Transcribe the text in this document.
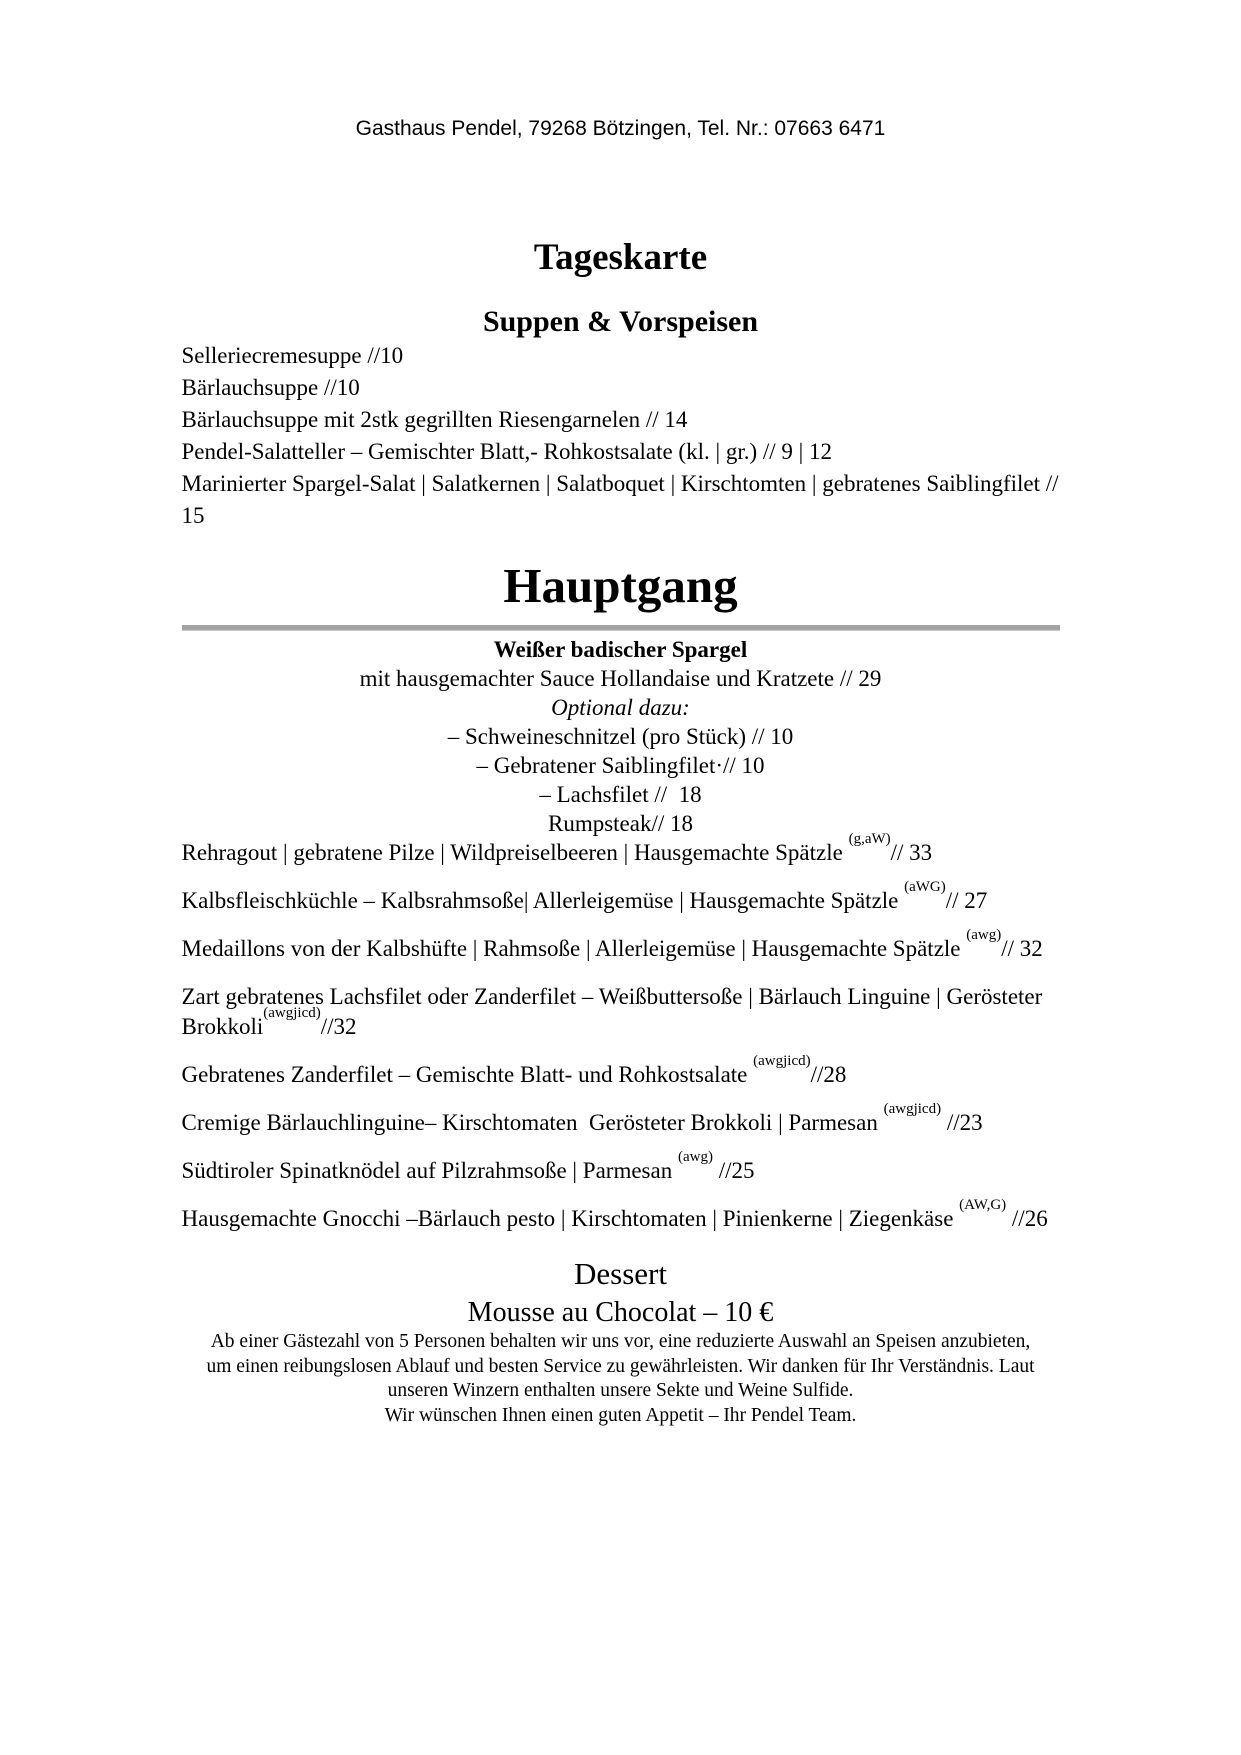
Gasthaus Pendel, 79268 Bötzingen, Tel. Nr.: 07663 6471

Tageskarte
Suppen & Vorspeisen

Selleriecremesuppe //10

Bärlauchsuppe //10

Bärlauchsuppe mit 2stk gegrillten Riesengarnelen // 14

Pendel-Salatteller – Gemischter Blatt,- Rohkostsalate (kl. | gr.) // 9 | 12

Marinierter Spargel-Salat | Salatkernen | Salatboquet | Kirschtomten | gebratenes Saiblingfilet // 15

Hauptgang

Weißer badischer Spargel

mit hausgemachter Sauce Hollandaise und Kratzete // 29

Optional dazu:

– Schweineschnitzel (pro Stück) // 10

– Gebratener Saiblingfilet·// 10

– Lachsfilet //  18

Rumpsteak// 18

Rehragout | gebratene Pilze | Wildpreiselbeeren | Hausgemachte Spätzle $^{(g,aW)}$// 33

Kalbsfleischküchle – Kalbsrahmsoße| Allerleigemüse | Hausgemachte Spätzle $^{(aWG)}$// 27

Medaillons von der Kalbshüfte | Rahmsoße | Allerleigemüse | Hausgemachte Spätzle $^{(awg)}$// 32

Zart gebratenes Lachsfilet oder Zanderfilet – Weißbuttersoße | Bärlauch Linguine | Gerösteter Brokkoli$^{(awgjicd)}$//32

Gebratenes Zanderfilet – Gemischte Blatt- und Rohkostsalate $^{(awgjicd)}$//28

Cremige Bärlauchlinguine– Kirschtomaten  Gerösteter Brokkoli | Parmesan $^{(awgjicd)}$ //23

Südtiroler Spinatknödel auf Pilzrahmsoße | Parmesan $^{(awg)}$ //25

Hausgemachte Gnocchi –Bärlauch pesto | Kirschtomaten | Pinienkerne | Ziegenkäse $^{(AW,G)}$ //26

Dessert

Mousse au Chocolat – 10 €

Ab einer Gästezahl von 5 Personen behalten wir uns vor, eine reduzierte Auswahl an Speisen anzubieten, um einen reibungslosen Ablauf und besten Service zu gewährleisten. Wir danken für Ihr Verständnis. Laut unseren Winzern enthalten unsere Sekte und Weine Sulfide.

Wir wünschen Ihnen einen guten Appetit – Ihr Pendel Team.
